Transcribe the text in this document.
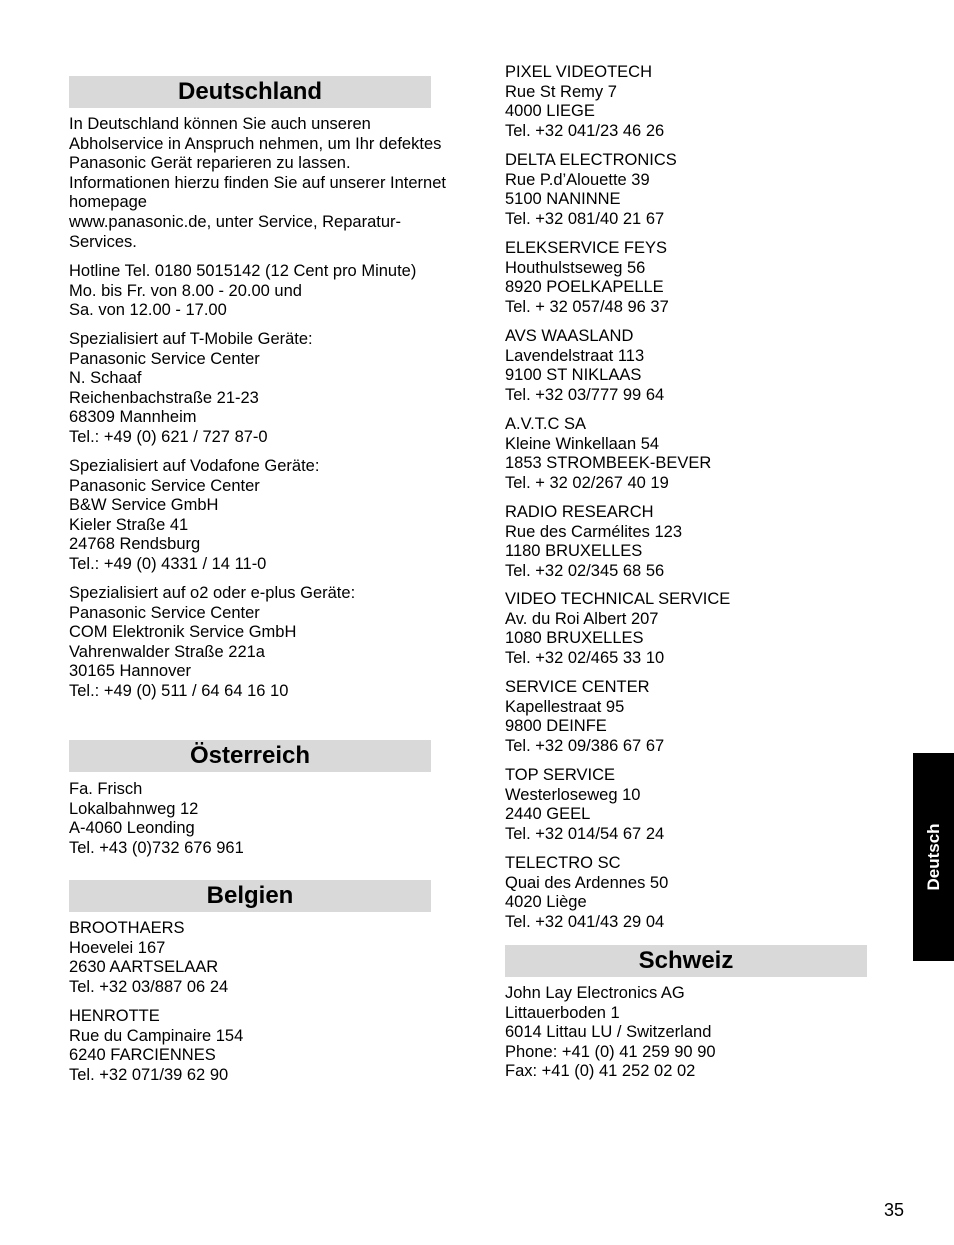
Deutschland
In Deutschland können Sie auch unseren
Abholservice in Anspruch nehmen, um Ihr defektes
Panasonic Gerät reparieren zu lassen.
Informationen hierzu finden Sie auf unserer Internet
homepage
www.panasonic.de, unter Service, Reparatur-
Services.
Hotline Tel. 0180 5015142 (12 Cent pro Minute)
Mo. bis Fr. von 8.00 - 20.00 und
Sa. von 12.00 - 17.00
Spezialisiert auf T-Mobile Geräte:
Panasonic Service Center
N. Schaaf
Reichenbachstraße 21-23
68309 Mannheim
Tel.: +49 (0) 621 / 727 87-0
Spezialisiert auf Vodafone Geräte:
Panasonic Service Center
B&W Service GmbH
Kieler Straße 41
24768 Rendsburg
Tel.: +49 (0) 4331 / 14 11-0
Spezialisiert auf o2 oder e-plus Geräte:
Panasonic Service Center
COM Elektronik Service GmbH
Vahrenwalder Straße 221a
30165 Hannover
Tel.: +49 (0) 511 / 64 64 16 10
Österreich
Fa. Frisch
Lokalbahnweg 12
A-4060 Leonding
Tel. +43 (0)732 676 961
Belgien
BROOTHAERS
Hoevelei 167
2630 AARTSELAAR
Tel. +32 03/887 06 24
HENROTTE
Rue du Campinaire 154
6240 FARCIENNES
Tel. +32 071/39 62 90
PIXEL VIDEOTECH
Rue St Remy 7
4000 LIEGE
Tel. +32 041/23 46 26
DELTA ELECTRONICS
Rue P.d’Alouette 39
5100 NANINNE
Tel. +32 081/40 21 67
ELEKSERVICE FEYS
Houthulstseweg 56
8920 POELKAPELLE
Tel. + 32 057/48 96 37
AVS WAASLAND
Lavendelstraat 113
9100 ST NIKLAAS
Tel. +32 03/777 99 64
A.V.T.C SA
Kleine Winkellaan 54
1853 STROMBEEK-BEVER
Tel. + 32 02/267 40 19
RADIO RESEARCH
Rue des Carmélites 123
1180 BRUXELLES
Tel. +32 02/345 68 56
VIDEO TECHNICAL SERVICE
Av. du Roi Albert 207
1080 BRUXELLES
Tel. +32 02/465 33 10
SERVICE CENTER
Kapellestraat 95
9800 DEINFE
Tel. +32 09/386 67 67
TOP SERVICE
Westerloseweg 10
2440 GEEL
Tel. +32 014/54 67 24
TELECTRO SC
Quai des Ardennes 50
4020 Liège
Tel. +32 041/43 29 04
Schweiz
John Lay Electronics AG
Littauerboden 1
6014 Littau LU / Switzerland
Phone: +41 (0) 41 259 90 90
Fax: +41 (0) 41 252 02 02
Deutsch
35
